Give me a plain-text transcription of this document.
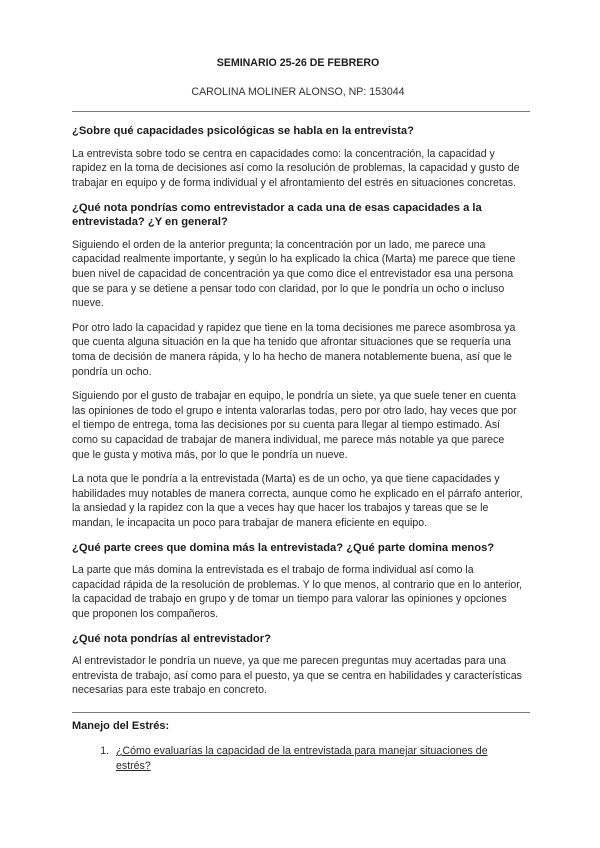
SEMINARIO 25-26 DE FEBRERO
CAROLINA MOLINER ALONSO, NP: 153044
¿Sobre qué capacidades psicológicas se habla en la entrevista?

La entrevista sobre todo se centra en capacidades como: la concentración, la capacidad y rapidez en la toma de decisiones así como la resolución de problemas, la capacidad y gusto de trabajar en equipo y de forma individual y el afrontamiento del estrés en situaciones concretas.

¿Qué nota pondrías como entrevistador a cada una de esas capacidades a la entrevistada? ¿Y en general?

Siguiendo el orden de la anterior pregunta; la concentración por un lado, me parece una capacidad realmente importante, y según lo ha explicado la chica (Marta) me parece que tiene buen nivel de capacidad de concentración ya que como dice el entrevistador esa una persona que se para y se detiene a pensar todo con claridad, por lo que le pondría un ocho o incluso nueve.

Por otro lado la capacidad y rapidez que tiene en la toma decisiones me parece asombrosa ya que cuenta alguna situación en la que ha tenido que afrontar situaciones que se requería una toma de decisión de manera rápida, y lo ha hecho de manera notablemente buena, así que le pondría un ocho.

Siguiendo por el gusto de trabajar en equipo, le pondría un siete, ya que suele tener en cuenta las opiniones de todo el grupo e intenta valorarlas todas, pero por otro lado, hay veces que por el tiempo de entrega, toma las decisiones por su cuenta para llegar al tiempo estimado. Así como su capacidad de trabajar de manera individual, me parece más notable ya que parece que le gusta y motiva más, por lo que le pondría un nueve.

La nota que le pondría a la entrevistada (Marta) es de un ocho, ya que tiene capacidades y habilidades muy notables de manera correcta, aunque como he explicado en el párrafo anterior, la ansiedad y la rapidez con la que a veces hay que hacer los trabajos y tareas que se le mandan, le incapacita un poco para trabajar de manera eficiente en equipo.

¿Qué parte crees que domina más la entrevistada? ¿Qué parte domina menos?

La parte que más domina la entrevistada es el trabajo de forma individual así como la capacidad rápida de la resolución de problemas. Y lo que menos, al contrario que en lo anterior, la capacidad de trabajo en grupo y de tomar un tiempo para valorar las opiniones y opciones que proponen los compañeros.

¿Qué nota pondrías al entrevistador?

Al entrevistador le pondría un nueve, ya que me parecen preguntas muy acertadas para una entrevista de trabajo, así como para el puesto, ya que se centra en habilidades y características necesarias para este trabajo en concreto.

Manejo del Estrés:
1. ¿Cómo evaluarías la capacidad de la entrevistada para manejar situaciones de estrés?
